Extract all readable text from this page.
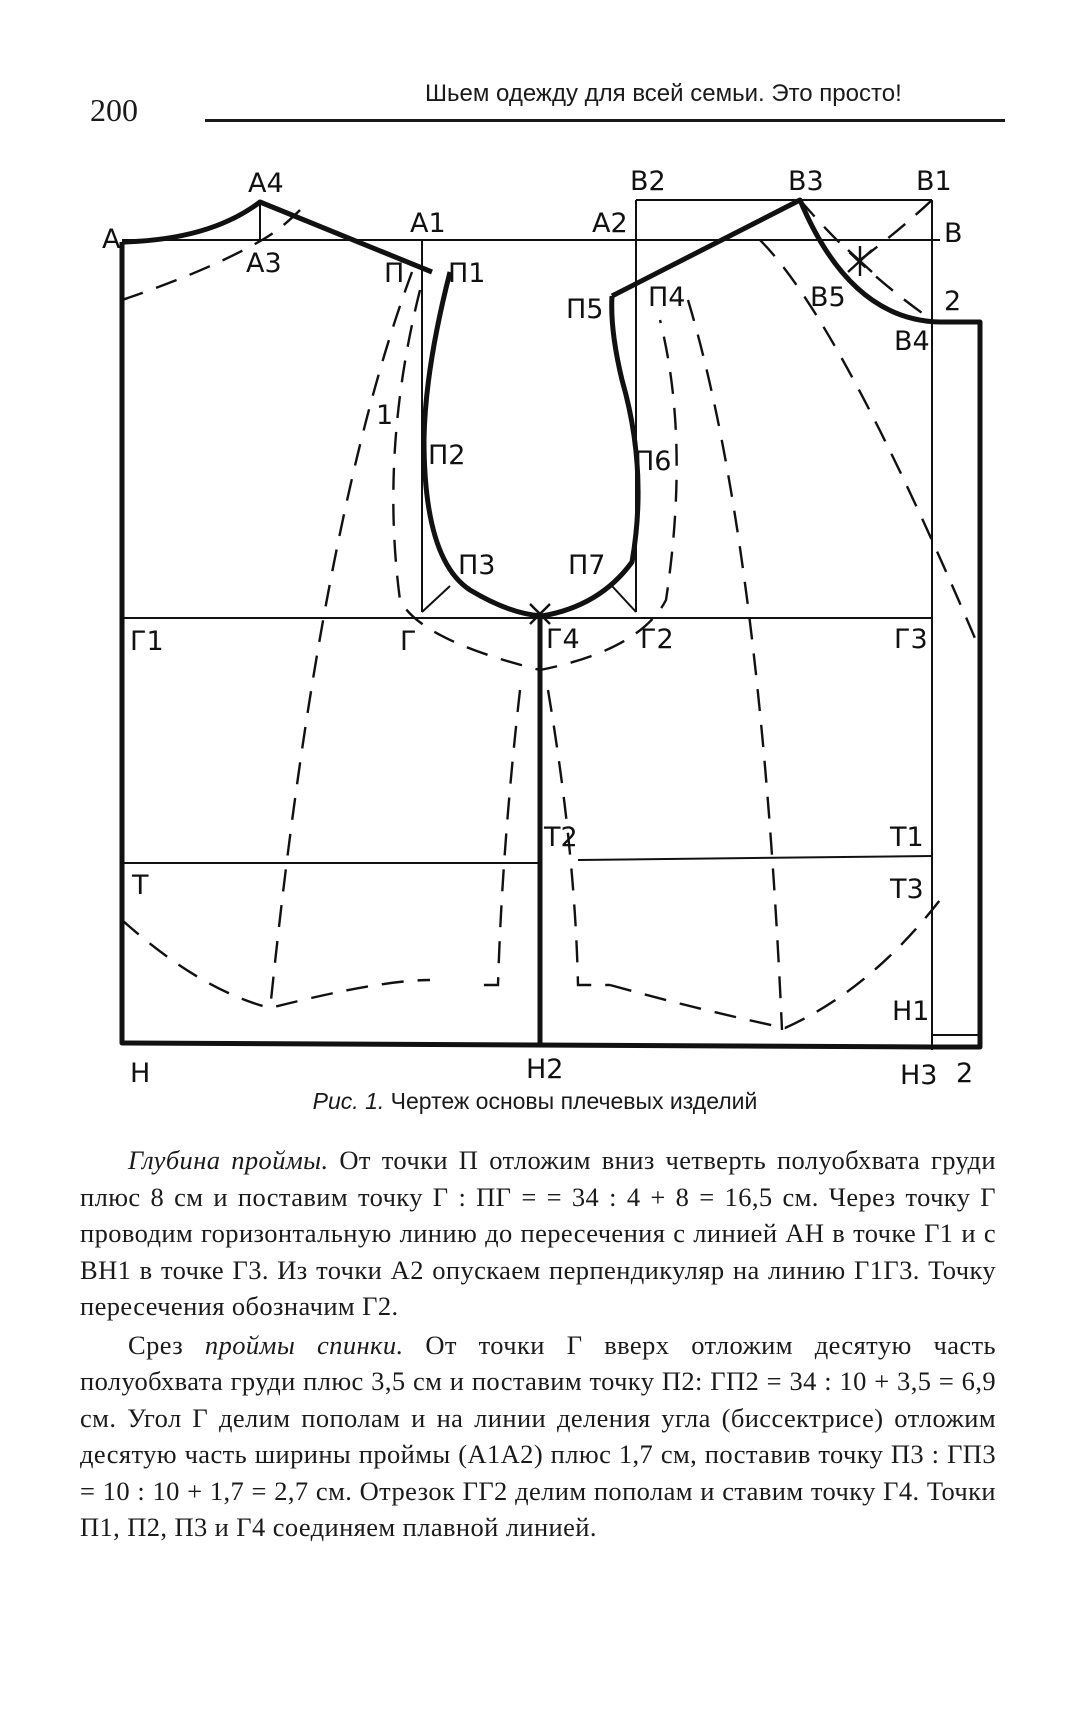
200	Шьем одежду для всей семьи. Это просто!
А
А4
А3
А1	А2
В2	В3	В1
В
2
В5
В4
П П1
П5 П4
1
П2	П6
П3	П7
Г1	Г	Г4 Г2	Г3
Т2	Т1
Т	Т3
Н1
Н	Н2	Н3 2
Рис. 1. Чертеж основы плечевых изделий

Глубина проймы. От точки П отложим вниз четверть полуобхвата груди плюс 8 см и поставим точку Г : ПГ = = 34 : 4 + 8 = 16,5 см. Через точку Г проводим горизонтальную линию до пересечения с линией АН в точке Г1 и с ВН1 в точке Г3. Из точки А2 опускаем перпендикуляр на линию Г1Г3. Точку пересечения обозначим Г2.

Срез проймы спинки. От точки Г вверх отложим десятую часть полуобхвата груди плюс 3,5 см и поставим точку П2: ГП2 = 34 : 10 + 3,5 = 6,9 см. Угол Г делим пополам и на линии деления угла (биссектрисе) отложим десятую часть ширины проймы (А1А2) плюс 1,7 см, поставив точку П3 : ГП3 = 10 : 10 + 1,7 = 2,7 см. Отрезок ГГ2 делим пополам и ставим точку Г4. Точки П1, П2, П3 и Г4 соединяем плавной линией.
